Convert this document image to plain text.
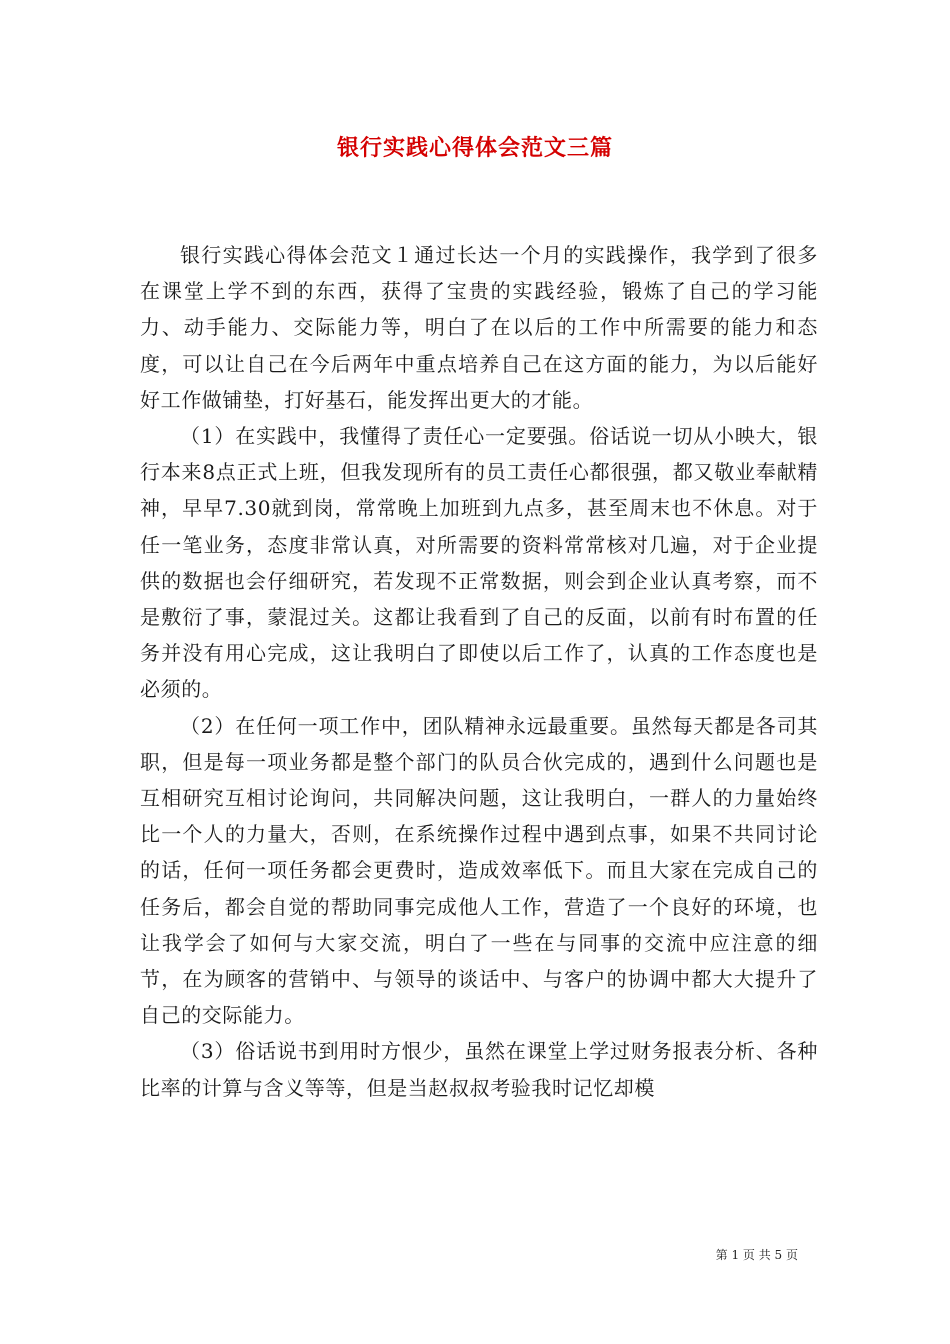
银行实践心得体会范文三篇

银行实践心得体会范文１通过长达一个月的实践操作，我学到了很多在课堂上学不到的东西，获得了宝贵的实践经验，锻炼了自己的学习能力、动手能力、交际能力等，明白了在以后的工作中所需要的能力和态度，可以让自己在今后两年中重点培养自己在这方面的能力，为以后能好好工作做铺垫，打好基石，能发挥出更大的才能。

（1）在实践中，我懂得了责任心一定要强。俗话说一切从小映大，银行本来8点正式上班，但我发现所有的员工责任心都很强，都又敬业奉献精神，早早7.30就到岗，常常晚上加班到九点多，甚至周末也不休息。对于任一笔业务，态度非常认真，对所需要的资料常常核对几遍，对于企业提供的数据也会仔细研究，若发现不正常数据，则会到企业认真考察，而不是敷衍了事，蒙混过关。这都让我看到了自己的反面，以前有时布置的任务并没有用心完成，这让我明白了即使以后工作了，认真的工作态度也是必须的。

（2）在任何一项工作中，团队精神永远最重要。虽然每天都是各司其职，但是每一项业务都是整个部门的队员合伙完成的，遇到什么问题也是互相研究互相讨论询问，共同解决问题，这让我明白，一群人的力量始终比一个人的力量大，否则，在系统操作过程中遇到点事，如果不共同讨论的话，任何一项任务都会更费时，造成效率低下。而且大家在完成自己的任务后，都会自觉的帮助同事完成他人工作，营造了一个良好的环境，也让我学会了如何与大家交流，明白了一些在与同事的交流中应注意的细节，在为顾客的营销中、与领导的谈话中、与客户的协调中都大大提升了自己的交际能力。

（3）俗话说书到用时方恨少，虽然在课堂上学过财务报表分析、各种比率的计算与含义等等，但是当赵叔叔考验我时记忆却模

第 1 页 共 5 页
